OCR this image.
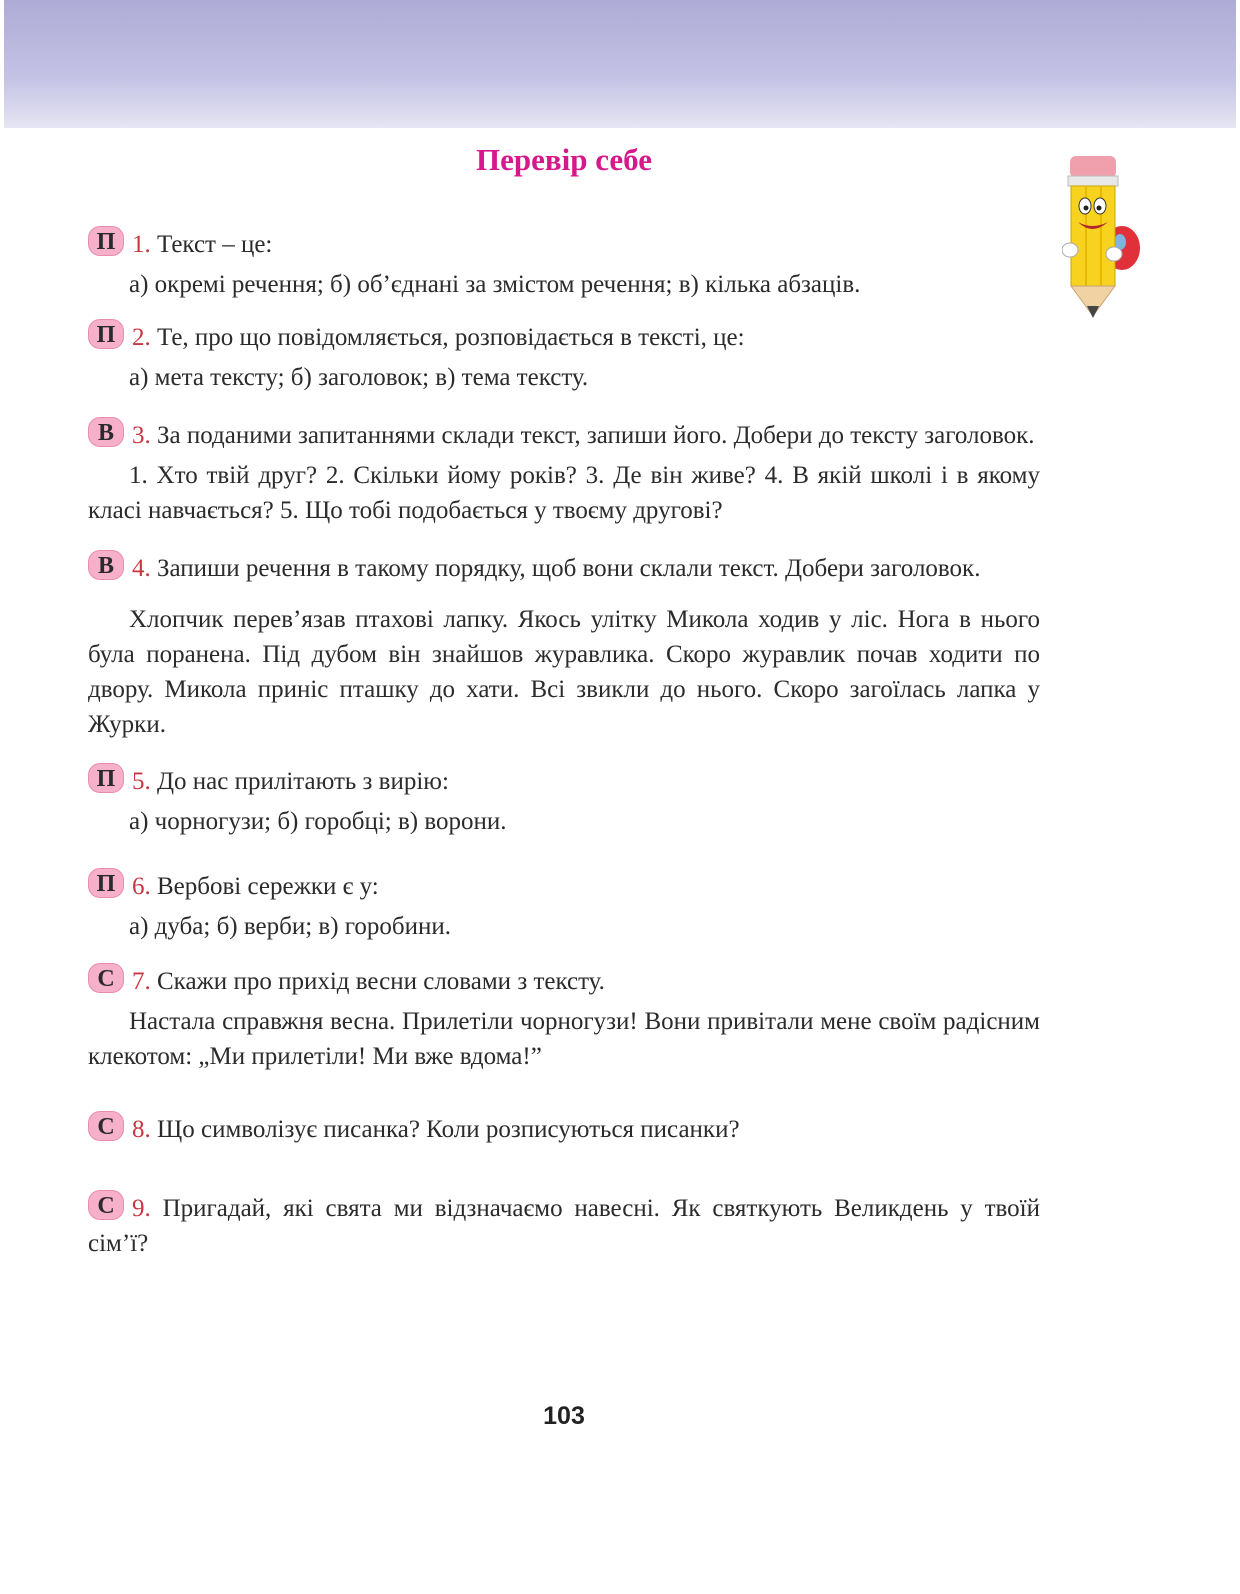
Перевір себе

П 1. Текст – це:

а) окремі речення; б) об’єднані за змістом речення; в) кілька абзаців.

П 2. Те, про що повідомляється, розповідається в тексті, це:

а) мета тексту; б) заголовок; в) тема тексту.

В 3. За поданими запитаннями склади текст, запиши його. Добери до тексту заголовок.

1. Хто твій друг? 2. Скільки йому років? 3. Де він живе? 4. В якій школі і в якому класі навчається? 5. Що тобі подобається у твоєму другові?

В 4. Запиши речення в такому порядку, щоб вони склали текст. Добери заголовок.

Хлопчик перев’язав птахові лапку. Якось улітку Микола ходив у ліс. Нога в нього була поранена. Під дубом він знайшов журавлика. Скоро журавлик почав ходити по двору. Микола приніс пташку до хати. Всі звикли до нього. Скоро загоїлась лапка у Журки.

П 5. До нас прилітають з вирію:

а) чорногузи; б) горобці; в) ворони.

П 6. Вербові сережки є у:

а) дуба; б) верби; в) горобини.

С 7. Скажи про прихід весни словами з тексту.

Настала справжня весна. Прилетіли чорногузи! Вони привітали мене своїм радісним клекотом: „Ми прилетіли! Ми вже вдома!”

С 8. Що символізує писанка? Коли розписуються писанки?

С 9. Пригадай, які свята ми відзначаємо навесні. Як святкують Великдень у твоїй сім’ї?

103
